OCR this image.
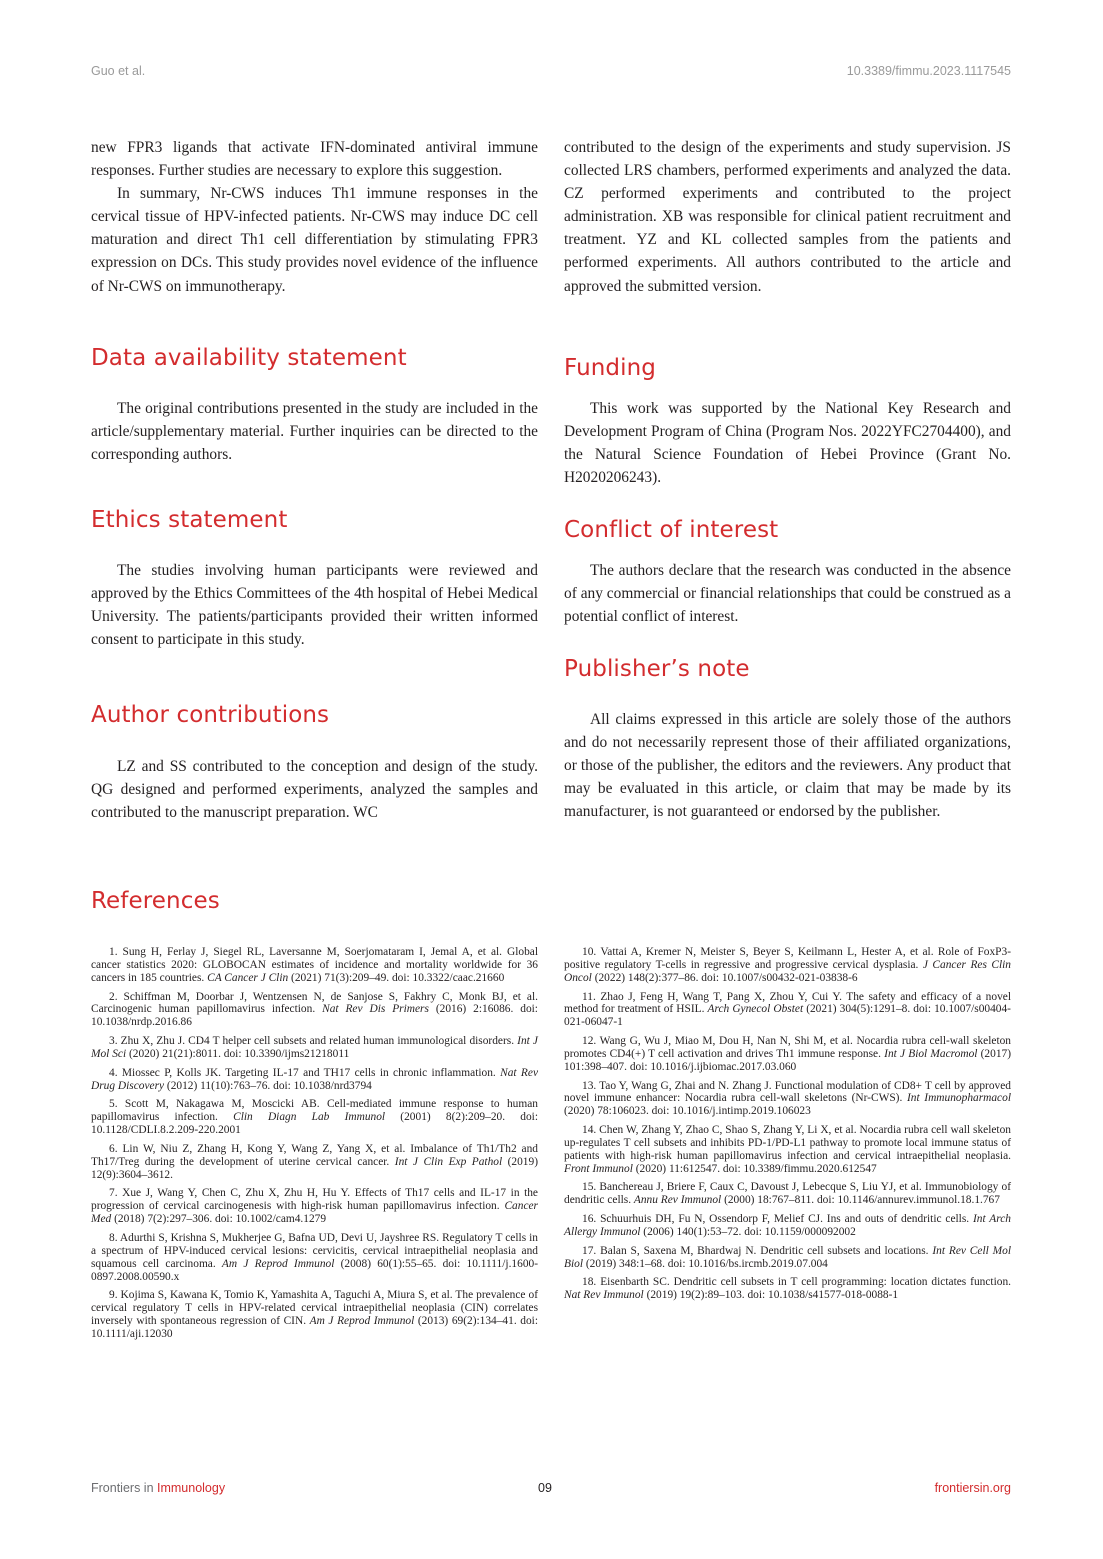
Guo et al.	10.3389/fimmu.2023.1117545

new FPR3 ligands that activate IFN-dominated antiviral immune responses. Further studies are necessary to explore this suggestion.

In summary, Nr-CWS induces Th1 immune responses in the cervical tissue of HPV-infected patients. Nr-CWS may induce DC cell maturation and direct Th1 cell differentiation by stimulating FPR3 expression on DCs. This study provides novel evidence of the influence of Nr-CWS on immunotherapy.

contributed to the design of the experiments and study supervision. JS collected LRS chambers, performed experiments and analyzed the data. CZ performed experiments and contributed to the project administration. XB was responsible for clinical patient recruitment and treatment. YZ and KL collected samples from the patients and performed experiments. All authors contributed to the article and approved the submitted version.

Data availability statement

The original contributions presented in the study are included in the article/supplementary material. Further inquiries can be directed to the corresponding authors.

Ethics statement

The studies involving human participants were reviewed and approved by the Ethics Committees of the 4th hospital of Hebei Medical University. The patients/participants provided their written informed consent to participate in this study.

Author contributions

LZ and SS contributed to the conception and design of the study. QG designed and performed experiments, analyzed the samples and contributed to the manuscript preparation. WC

Funding

This work was supported by the National Key Research and Development Program of China (Program Nos. 2022YFC2704400), and the Natural Science Foundation of Hebei Province (Grant No. H2020206243).

Conflict of interest

The authors declare that the research was conducted in the absence of any commercial or financial relationships that could be construed as a potential conflict of interest.

Publisher’s note

All claims expressed in this article are solely those of the authors and do not necessarily represent those of their affiliated organizations, or those of the publisher, the editors and the reviewers. Any product that may be evaluated in this article, or claim that may be made by its manufacturer, is not guaranteed or endorsed by the publisher.

References

1. Sung H, Ferlay J, Siegel RL, Laversanne M, Soerjomataram I, Jemal A, et al. Global cancer statistics 2020: GLOBOCAN estimates of incidence and mortality worldwide for 36 cancers in 185 countries. CA Cancer J Clin (2021) 71(3):209–49. doi: 10.3322/caac.21660

2. Schiffman M, Doorbar J, Wentzensen N, de Sanjose S, Fakhry C, Monk BJ, et al. Carcinogenic human papillomavirus infection. Nat Rev Dis Primers (2016) 2:16086. doi: 10.1038/nrdp.2016.86

3. Zhu X, Zhu J. CD4 T helper cell subsets and related human immunological disorders. Int J Mol Sci (2020) 21(21):8011. doi: 10.3390/ijms21218011

4. Miossec P, Kolls JK. Targeting IL-17 and TH17 cells in chronic inflammation. Nat Rev Drug Discovery (2012) 11(10):763–76. doi: 10.1038/nrd3794

5. Scott M, Nakagawa M, Moscicki AB. Cell-mediated immune response to human papillomavirus infection. Clin Diagn Lab Immunol (2001) 8(2):209–20. doi: 10.1128/CDLI.8.2.209-220.2001

6. Lin W, Niu Z, Zhang H, Kong Y, Wang Z, Yang X, et al. Imbalance of Th1/Th2 and Th17/Treg during the development of uterine cervical cancer. Int J Clin Exp Pathol (2019) 12(9):3604–3612.

7. Xue J, Wang Y, Chen C, Zhu X, Zhu H, Hu Y. Effects of Th17 cells and IL-17 in the progression of cervical carcinogenesis with high-risk human papillomavirus infection. Cancer Med (2018) 7(2):297–306. doi: 10.1002/cam4.1279

8. Adurthi S, Krishna S, Mukherjee G, Bafna UD, Devi U, Jayshree RS. Regulatory T cells in a spectrum of HPV-induced cervical lesions: cervicitis, cervical intraepithelial neoplasia and squamous cell carcinoma. Am J Reprod Immunol (2008) 60(1):55–65. doi: 10.1111/j.1600-0897.2008.00590.x

9. Kojima S, Kawana K, Tomio K, Yamashita A, Taguchi A, Miura S, et al. The prevalence of cervical regulatory T cells in HPV-related cervical intraepithelial neoplasia (CIN) correlates inversely with spontaneous regression of CIN. Am J Reprod Immunol (2013) 69(2):134–41. doi: 10.1111/aji.12030

10. Vattai A, Kremer N, Meister S, Beyer S, Keilmann L, Hester A, et al. Role of FoxP3-positive regulatory T-cells in regressive and progressive cervical dysplasia. J Cancer Res Clin Oncol (2022) 148(2):377–86. doi: 10.1007/s00432-021-03838-6

11. Zhao J, Feng H, Wang T, Pang X, Zhou Y, Cui Y. The safety and efficacy of a novel method for treatment of HSIL. Arch Gynecol Obstet (2021) 304(5):1291–8. doi: 10.1007/s00404-021-06047-1

12. Wang G, Wu J, Miao M, Dou H, Nan N, Shi M, et al. Nocardia rubra cell-wall skeleton promotes CD4(+) T cell activation and drives Th1 immune response. Int J Biol Macromol (2017) 101:398–407. doi: 10.1016/j.ijbiomac.2017.03.060

13. Tao Y, Wang G, Zhai and N. Zhang J. Functional modulation of CD8+ T cell by approved novel immune enhancer: Nocardia rubra cell-wall skeletons (Nr-CWS). Int Immunopharmacol (2020) 78:106023. doi: 10.1016/j.intimp.2019.106023

14. Chen W, Zhang Y, Zhao C, Shao S, Zhang Y, Li X, et al. Nocardia rubra cell wall skeleton up-regulates T cell subsets and inhibits PD-1/PD-L1 pathway to promote local immune status of patients with high-risk human papillomavirus infection and cervical intraepithelial neoplasia. Front Immunol (2020) 11:612547. doi: 10.3389/fimmu.2020.612547

15. Banchereau J, Briere F, Caux C, Davoust J, Lebecque S, Liu YJ, et al. Immunobiology of dendritic cells. Annu Rev Immunol (2000) 18:767–811. doi: 10.1146/annurev.immunol.18.1.767

16. Schuurhuis DH, Fu N, Ossendorp F, Melief CJ. Ins and outs of dendritic cells. Int Arch Allergy Immunol (2006) 140(1):53–72. doi: 10.1159/000092002

17. Balan S, Saxena M, Bhardwaj N. Dendritic cell subsets and locations. Int Rev Cell Mol Biol (2019) 348:1–68. doi: 10.1016/bs.ircmb.2019.07.004

18. Eisenbarth SC. Dendritic cell subsets in T cell programming: location dictates function. Nat Rev Immunol (2019) 19(2):89–103. doi: 10.1038/s41577-018-0088-1

Frontiers in Immunology	09	frontiersin.org
